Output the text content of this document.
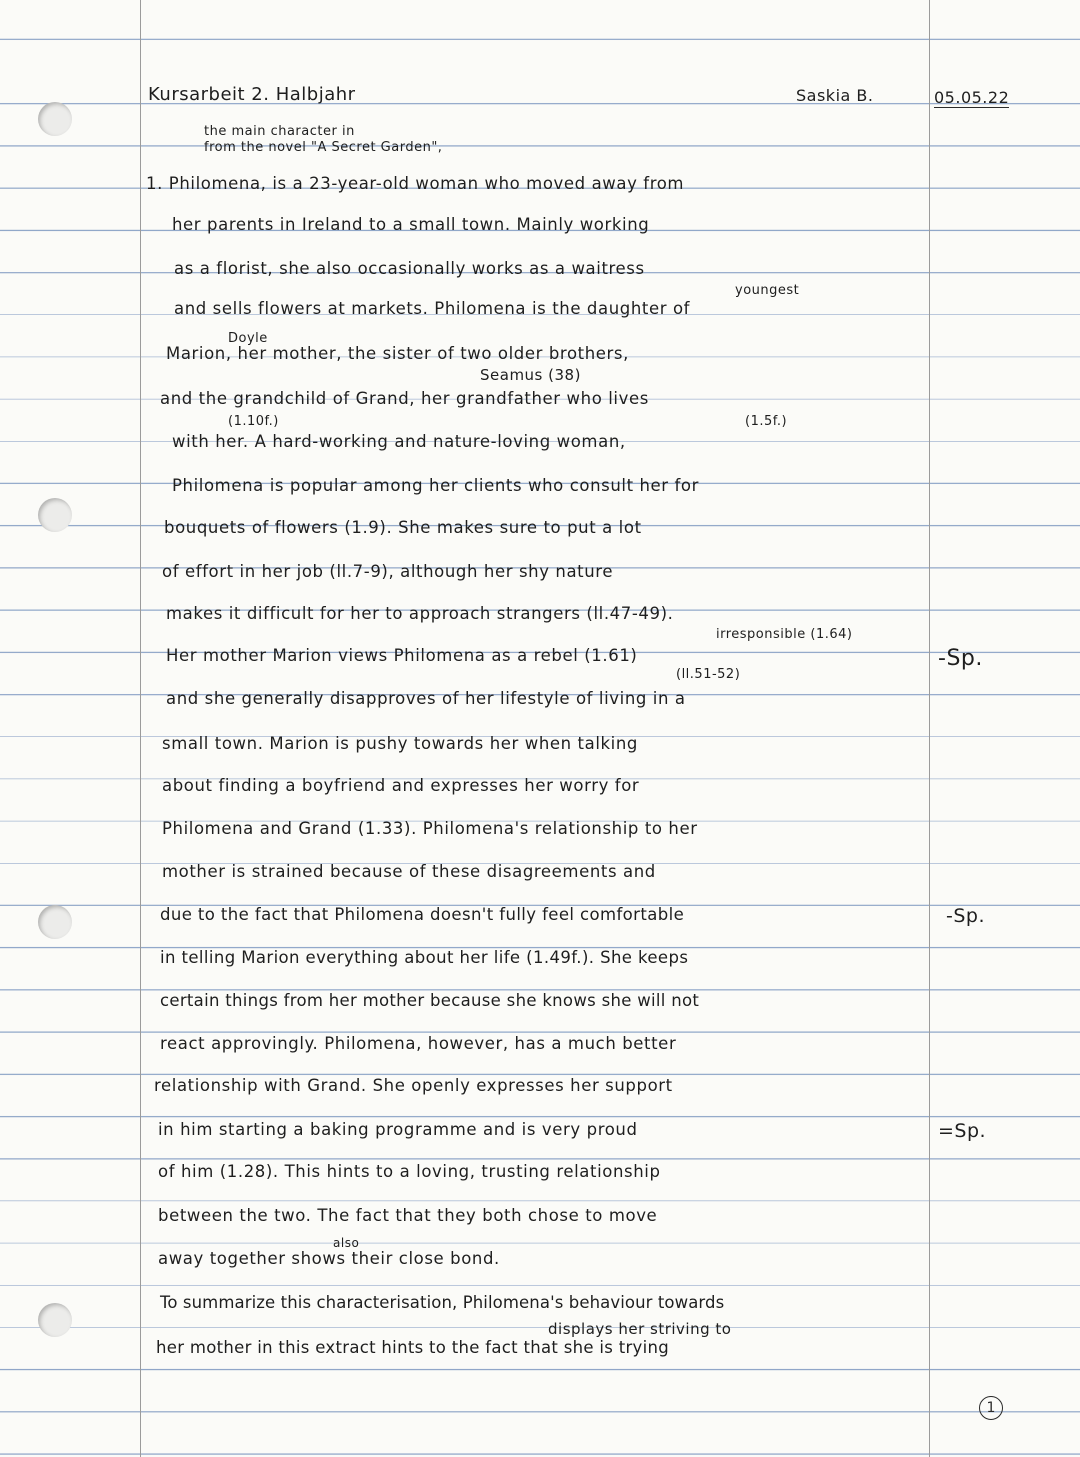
Kursarbeit 2. Halbjahr	Saskia B.	05.05.22
the main character in
from the novel "A Secret Garden",
youngest
Doyle
Seamus (38)
(1.10f.)	(1.5f.)
irresponsible (1.64)
(ll.51-52)
also
displays her striving to
1. Philomena, is a 23-year-old woman who moved away from
her parents in Ireland to a small town. Mainly working
as a florist, she also occasionally works as a waitress
and sells flowers at markets. Philomena is the daughter of
Marion, her mother, the sister of two older brothers,
and the grandchild of Grand, her grandfather who lives
with her. A hard-working and nature-loving woman,
Philomena is popular among her clients who consult her for
bouquets of flowers (1.9). She makes sure to put a lot
of effort in her job (ll.7-9), although her shy nature
makes it difficult for her to approach strangers (ll.47-49).
Her mother Marion views Philomena as a rebel (1.61)
and she generally disapproves of her lifestyle of living in a
small town. Marion is pushy towards her when talking
about finding a boyfriend and expresses her worry for
Philomena and Grand (1.33). Philomena's relationship to her
mother is strained because of these disagreements and
due to the fact that Philomena doesn't fully feel comfortable
in telling Marion everything about her life (1.49f.). She keeps
certain things from her mother because she knows she will not
react approvingly. Philomena, however, has a much better
relationship with Grand. She openly expresses her support
in him starting a baking programme and is very proud
of him (1.28). This hints to a loving, trusting relationship
between the two. The fact that they both chose to move
away together shows their close bond.
To summarize this characterisation, Philomena's behaviour towards
her mother in this extract hints to the fact that she is trying
-Sp.
-Sp.
=Sp.
1
